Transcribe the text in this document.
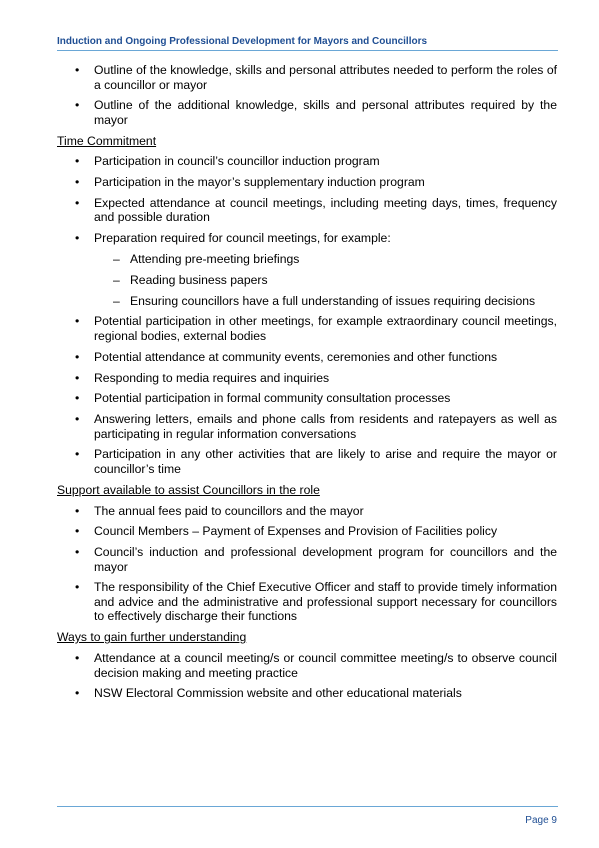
Induction and Ongoing Professional Development for Mayors and Councillors
• Outline of the knowledge, skills and personal attributes needed to perform the roles of a councillor or mayor
• Outline of the additional knowledge, skills and personal attributes required by the mayor
Time Commitment
• Participation in council’s councillor induction program
• Participation in the mayor’s supplementary induction program
• Expected attendance at council meetings, including meeting days, times, frequency and possible duration
• Preparation required for council meetings, for example:
– Attending pre-meeting briefings
– Reading business papers
– Ensuring councillors have a full understanding of issues requiring decisions
• Potential participation in other meetings, for example extraordinary council meetings, regional bodies, external bodies
• Potential attendance at community events, ceremonies and other functions
• Responding to media requires and inquiries
• Potential participation in formal community consultation processes
• Answering letters, emails and phone calls from residents and ratepayers as well as participating in regular information conversations
• Participation in any other activities that are likely to arise and require the mayor or councillor’s time
Support available to assist Councillors in the role
• The annual fees paid to councillors and the mayor
• Council Members – Payment of Expenses and Provision of Facilities policy
• Council’s induction and professional development program for councillors and the mayor
• The responsibility of the Chief Executive Officer and staff to provide timely information and advice and the administrative and professional support necessary for councillors to effectively discharge their functions
Ways to gain further understanding
• Attendance at a council meeting/s or council committee meeting/s to observe council decision making and meeting practice
• NSW Electoral Commission website and other educational materials
Page 9
